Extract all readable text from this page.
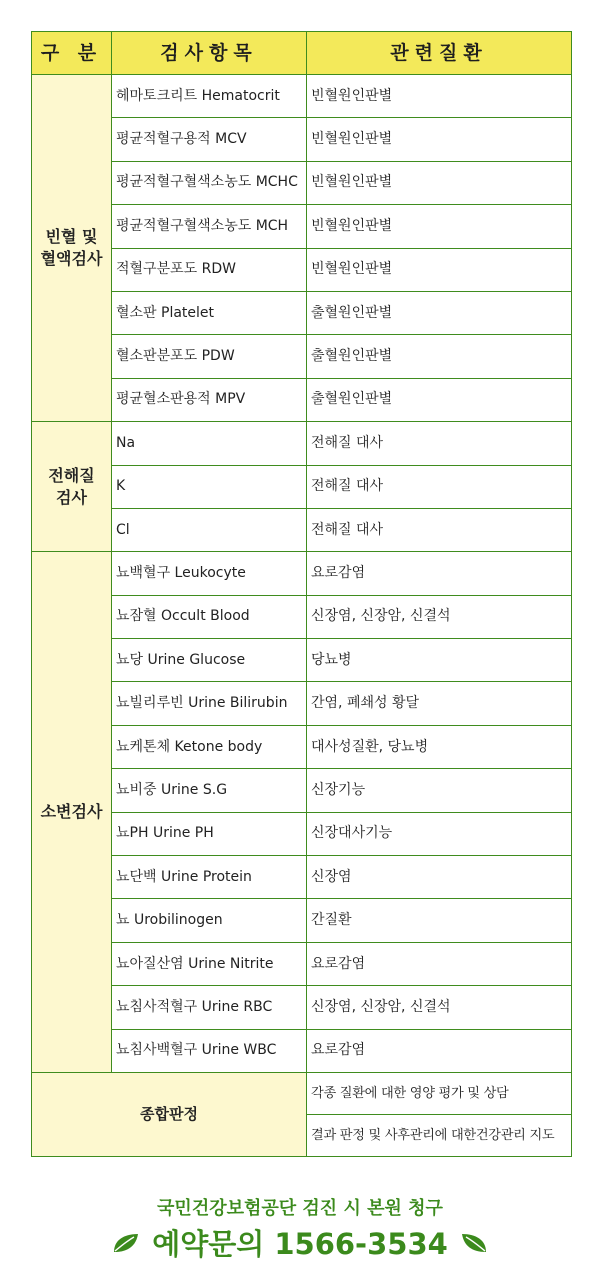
구 분	검사항목	관련질환

빈혈 및
혈액검사	헤마토크리트 Hematocrit	빈혈원인판별
	평균적혈구용적 MCV	빈혈원인판별
	평균적혈구혈색소농도 MCHC	빈혈원인판별
	평균적혈구혈색소농도 MCH	빈혈원인판별
	적혈구분포도 RDW	빈혈원인판별
	혈소판 Platelet	출혈원인판별
	혈소판분포도 PDW	출혈원인판별
	평균혈소판용적 MPV	출혈원인판별

전해질
검사	Na	전해질 대사
	K	전해질 대사
	Cl	전해질 대사

소변검사	뇨백혈구 Leukocyte	요로감염
	뇨잠혈 Occult Blood	신장염, 신장암, 신결석
	뇨당 Urine Glucose	당뇨병
	뇨빌리루빈 Urine Bilirubin	간염, 폐쇄성 황달
	뇨케톤체 Ketone body	대사성질환, 당뇨병
	뇨비중 Urine S.G	신장기능
	뇨PH Urine PH	신장대사기능
	뇨단백 Urine Protein	신장염
	뇨 Urobilinogen	간질환
	뇨아질산염 Urine Nitrite	요로감염
	뇨침사적혈구 Urine RBC	신장염, 신장암, 신결석
	뇨침사백혈구 Urine WBC	요로감염
종합판정		각종 질환에 대한 영양 평가 및 상담
		결과 판정 및 사후관리에 대한건강관리 지도
국민건강보험공단 검진 시 본원 청구
예약문의 1566-3534
